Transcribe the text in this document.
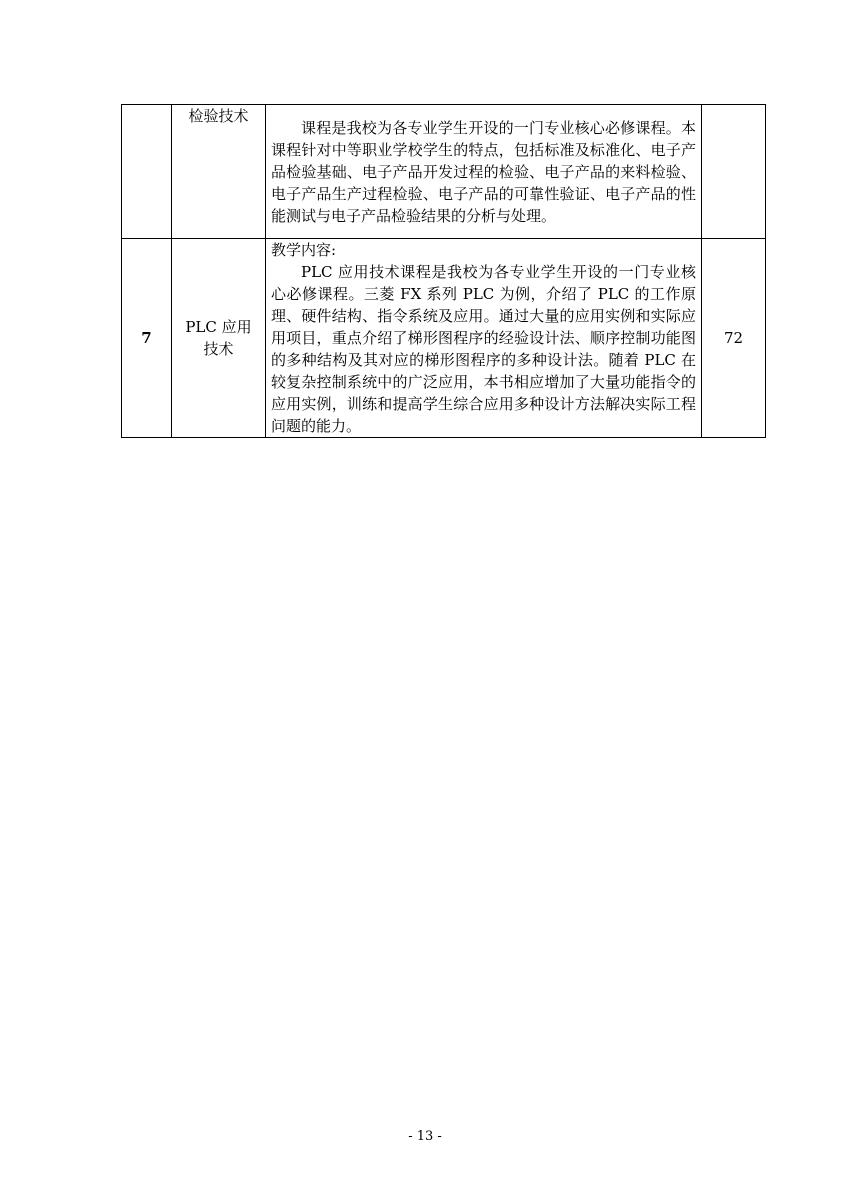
	检验技术	课程是我校为各专业学生开设的一门专业核心必修课程。本课程针对中等职业学校学生的特点，包括标准及标准化、电子产品检验基础、电子产品开发过程的检验、电子产品的来料检验、电子产品生产过程检验、电子产品的可靠性验证、电子产品的性能测试与电子产品检验结果的分析与处理。	

7	PLC 应用技术	教学内容:
PLC 应用技术课程是我校为各专业学生开设的一门专业核心必修课程。三菱 FX 系列 PLC 为例，介绍了 PLC 的工作原理、硬件结构、指令系统及应用。通过大量的应用实例和实际应用项目，重点介绍了梯形图程序的经验设计法、顺序控制功能图的多种结构及其对应的梯形图程序的多种设计法。随着 PLC 在较复杂控制系统中的广泛应用，本书相应增加了大量功能指令的应用实例，训练和提高学生综合应用多种设计方法解决实际工程问题的能力。	72
- 13 -
